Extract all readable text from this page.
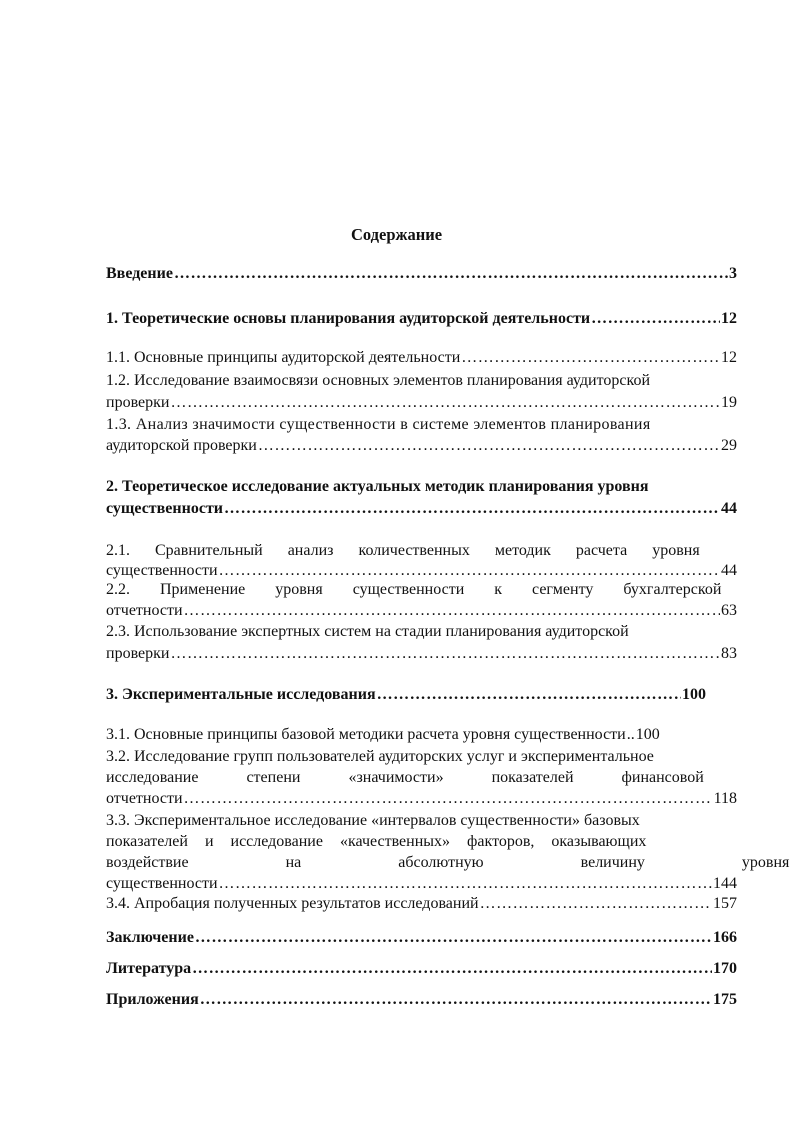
Содержание
Введение ………………………………………………………………………………………………………………………………………………………………………………………	3
1. Теоретические основы планирования аудиторской деятельности ………………………………………………………………………………………………………………………………………………………………………………………	12
1.1. Основные принципы аудиторской деятельности ………………………………………………………………………………………………………………………………………………………………………………………	12
1.2. Исследование взаимосвязи основных элементов планирования аудиторской
проверки ………………………………………………………………………………………………………………………………………………………………………………………	19
1.3. Анализ значимости существенности в системе элементов планирования
аудиторской проверки ………………………………………………………………………………………………………………………………………………………………………………………	29
2. Теоретическое исследование актуальных методик планирования уровня
существенности ………………………………………………………………………………………………………………………………………………………………………………………	44
2.1. Сравнительный анализ количественных методик расчета уровня
существенности ………………………………………………………………………………………………………………………………………………………………………………………	44
2.2. Применение уровня существенности к сегменту бухгалтерской
отчетности ………………………………………………………………………………………………………………………………………………………………………………………	63
2.3. Использование экспертных систем на стадии планирования аудиторской
проверки ………………………………………………………………………………………………………………………………………………………………………………………	83
3. Экспериментальные исследования ………………………………………………………………………………………………………………………………………………………………………………………	100
3.1. Основные принципы базовой методики расчета уровня существенности .. 100
3.2. Исследование групп пользователей аудиторских услуг и экспериментальное
исследование степени «значимости» показателей финансовой
отчетности ………………………………………………………………………………………………………………………………………………………………………………………	118
3.3. Экспериментальное исследование «интервалов существенности» базовых
показателей и исследование «качественных» факторов, оказывающих
воздействие на абсолютную величину уровня
существенности ………………………………………………………………………………………………………………………………………………………………………………………	144
3.4. Апробация полученных результатов исследований ………………………………………………………………………………………………………………………………………………………………………………………	157
Заключение ………………………………………………………………………………………………………………………………………………………………………………………	166
Литература ………………………………………………………………………………………………………………………………………………………………………………………	170
Приложения ………………………………………………………………………………………………………………………………………………………………………………………	175
